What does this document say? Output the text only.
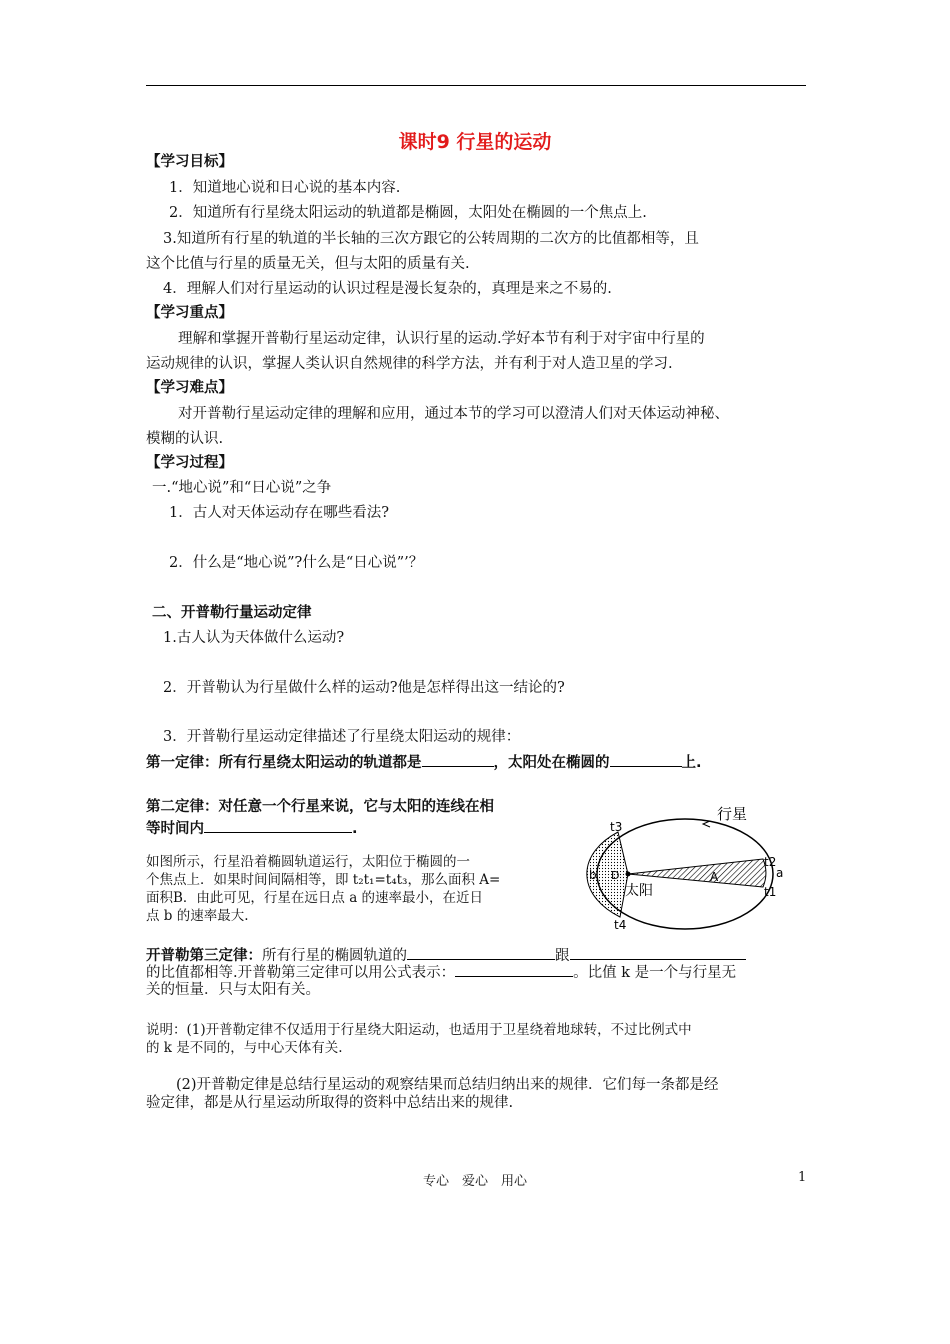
课时9 行星的运动
【学习目标】
1．知道地心说和日心说的基本内容.
2．知道所有行星绕太阳运动的轨道都是椭圆，太阳处在椭圆的一个焦点上.
3.知道所有行星的轨道的半长轴的三次方跟它的公转周期的二次方的比值都相等，且
这个比值与行星的质量无关，但与太阳的质量有关.
4．理解人们对行星运动的认识过程是漫长复杂的，真理是来之不易的.
【学习重点】
理解和掌握开普勒行星运动定律，认识行星的运动.学好本节有利于对宇宙中行星的
运动规律的认识，掌握人类认识自然规律的科学方法，并有利于对人造卫星的学习.
【学习难点】
对开普勒行星运动定律的理解和应用，通过本节的学习可以澄清人们对天体运动神秘、
模糊的认识.
【学习过程】
一.“地心说”和“日心说”之争
1．古人对天体运动存在哪些看法?
2．什么是“地心说”?什么是“日心说”’？
二、开普勒行量运动定律
1.古人认为天体做什么运动?
2．开普勒认为行星做什么样的运动?他是怎样得出这一结论的?
3．开普勒行星运动定律描述了行星绕太阳运动的规律：
第一定律：所有行星绕太阳运动的轨道都是	，太阳处在椭圆的	上.
第二定律：对任意一个行星来说，它与太阳的连线在相
等时间内	.
如图所示，行星沿着椭圆轨道运行，太阳位于椭圆的一
个焦点上．如果时间间隔相等，即 t₂t₁=t₄t₃，那么面积 A=
面积B．由此可见，行星在远日点 a 的速率最小，在近日
点 b 的速率最大.
行星
太阳
A
D
b	a
t2
t1
t3
t4
开普勒第三定律：所有行星的椭圆轨道的	跟
的比值都相等.开普勒第三定律可以用公式表示：	。比值 k 是一个与行星无
关的恒量．只与太阳有关。
说明：(1)开普勒定律不仅适用于行星绕大阳运动，也适用于卫星绕着地球转，不过比例式中
的 k 是不同的，与中心天体有关.
(2)开普勒定律是总结行星运动的观察结果而总结归纳出来的规律．它们每一条都是经
验定律，都是从行星运动所取得的资料中总结出来的规律.
专心　爱心　用心	1
